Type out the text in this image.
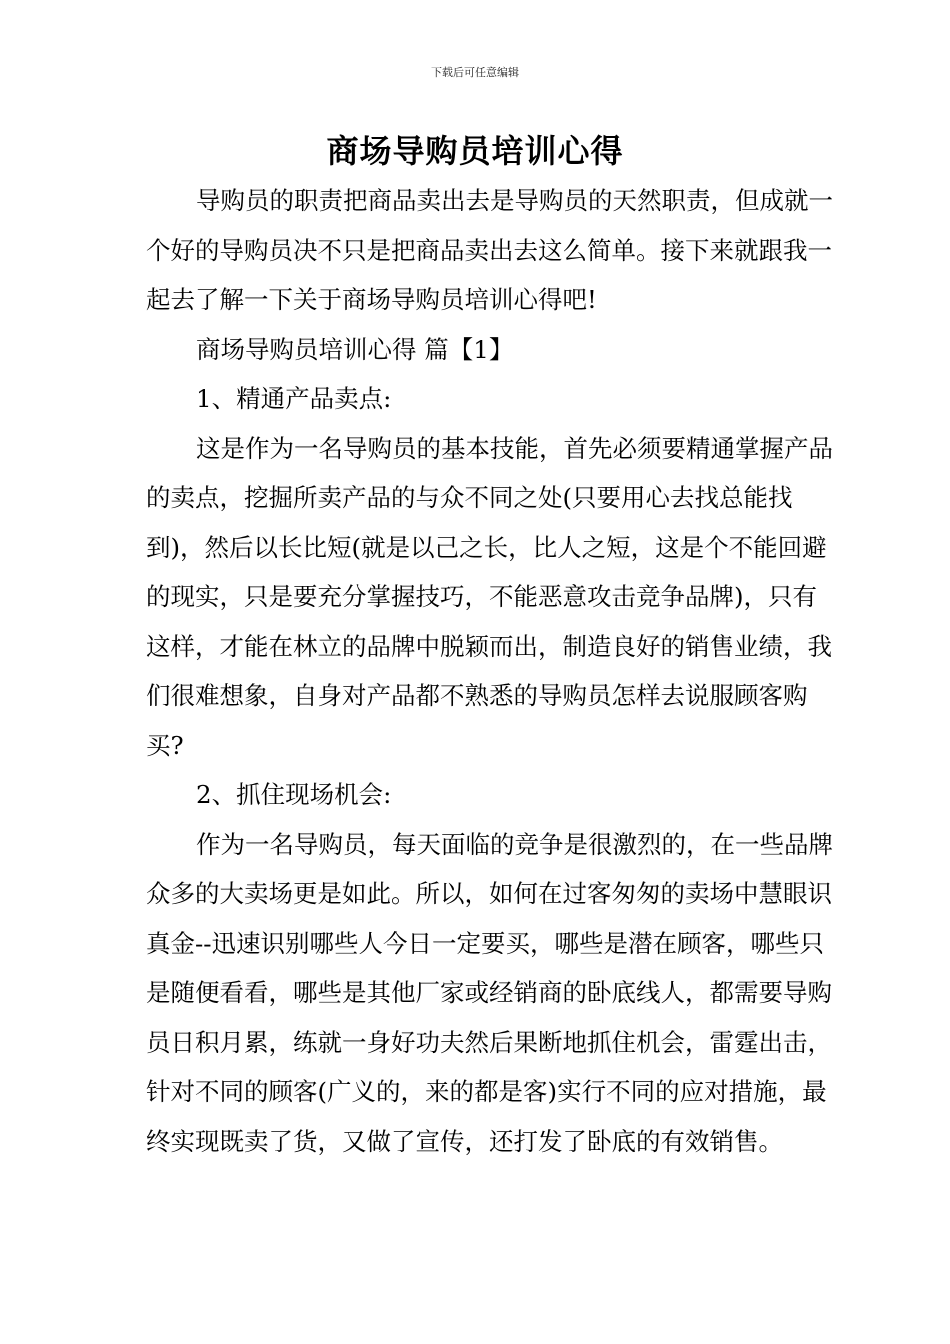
下载后可任意编辑
商场导购员培训心得

导购员的职责把商品卖出去是导购员的天然职责，但成就一个好的导购员决不只是把商品卖出去这么简单。接下来就跟我一起去了解一下关于商场导购员培训心得吧!

商场导购员培训心得 篇【1】

1、精通产品卖点:

这是作为一名导购员的基本技能，首先必须要精通掌握产品的卖点，挖掘所卖产品的与众不同之处(只要用心去找总能找到)，然后以长比短(就是以己之长，比人之短，这是个不能回避的现实，只是要充分掌握技巧，不能恶意攻击竞争品牌)，只有这样，才能在林立的品牌中脱颖而出，制造良好的销售业绩，我们很难想象，自身对产品都不熟悉的导购员怎样去说服顾客购买?

2、抓住现场机会:

作为一名导购员，每天面临的竞争是很激烈的，在一些品牌众多的大卖场更是如此。所以，如何在过客匆匆的卖场中慧眼识真金--迅速识别哪些人今日一定要买，哪些是潜在顾客，哪些只是随便看看，哪些是其他厂家或经销商的卧底线人，都需要导购员日积月累，练就一身好功夫然后果断地抓住机会，雷霆出击，针对不同的顾客(广义的，来的都是客)实行不同的应对措施，最终实现既卖了货，又做了宣传，还打发了卧底的有效销售。
